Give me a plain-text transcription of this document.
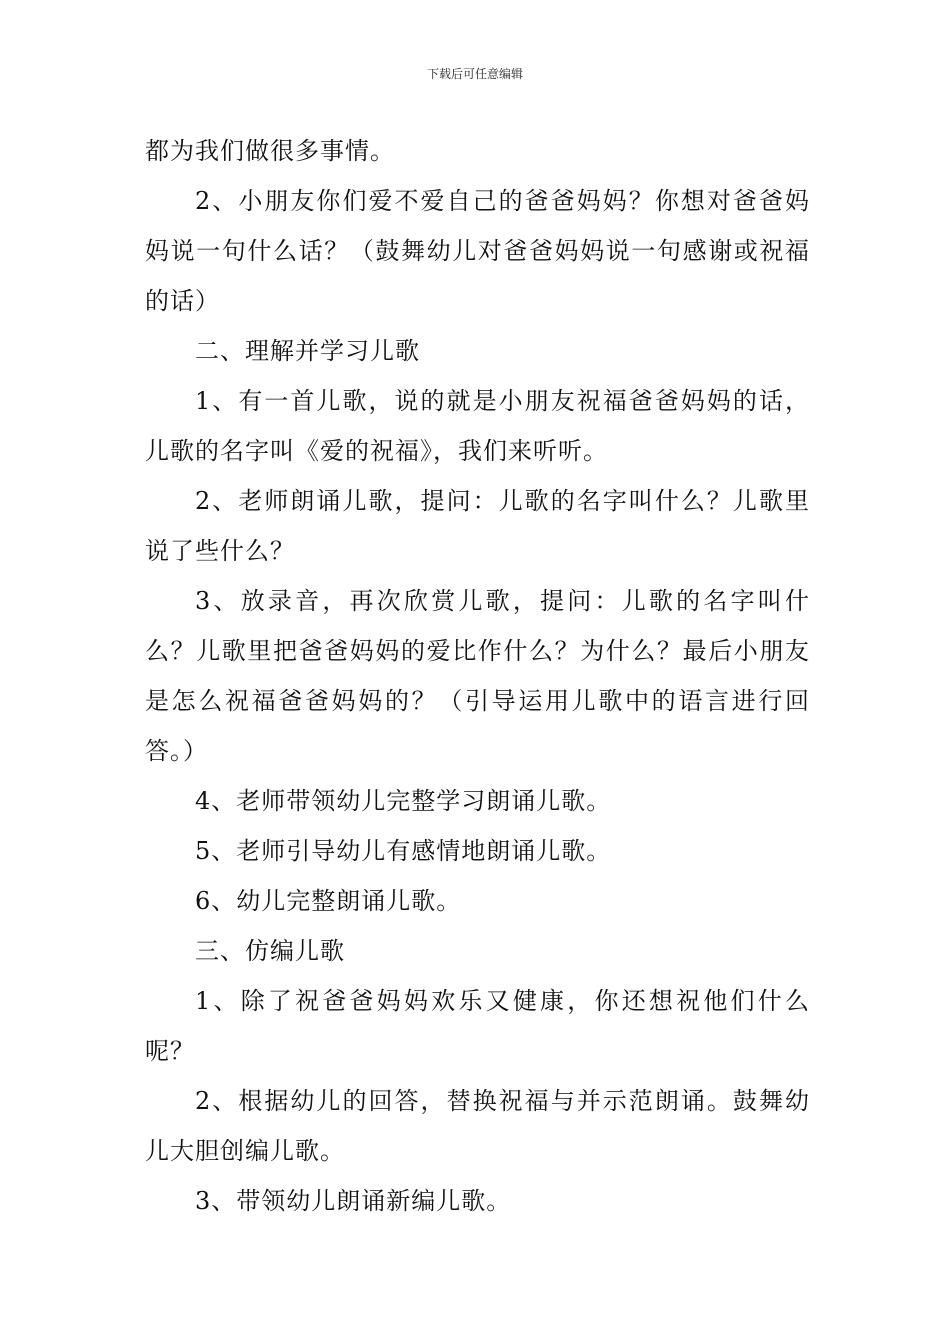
下载后可任意编辑

都为我们做很多事情。

2、小朋友你们爱不爱自己的爸爸妈妈？你想对爸爸妈妈说一句什么话？（鼓舞幼儿对爸爸妈妈说一句感谢或祝福的话）

二、理解并学习儿歌

1、有一首儿歌，说的就是小朋友祝福爸爸妈妈的话，儿歌的名字叫《爱的祝福》，我们来听听。

2、老师朗诵儿歌，提问：儿歌的名字叫什么？儿歌里说了些什么？

3、放录音，再次欣赏儿歌，提问：儿歌的名字叫什么？儿歌里把爸爸妈妈的爱比作什么？为什么？最后小朋友是怎么祝福爸爸妈妈的？（引导运用儿歌中的语言进行回答。）

4、老师带领幼儿完整学习朗诵儿歌。

5、老师引导幼儿有感情地朗诵儿歌。

6、幼儿完整朗诵儿歌。

三、仿编儿歌

1、除了祝爸爸妈妈欢乐又健康，你还想祝他们什么呢？

2、根据幼儿的回答，替换祝福与并示范朗诵。鼓舞幼儿大胆创编儿歌。

3、带领幼儿朗诵新编儿歌。
